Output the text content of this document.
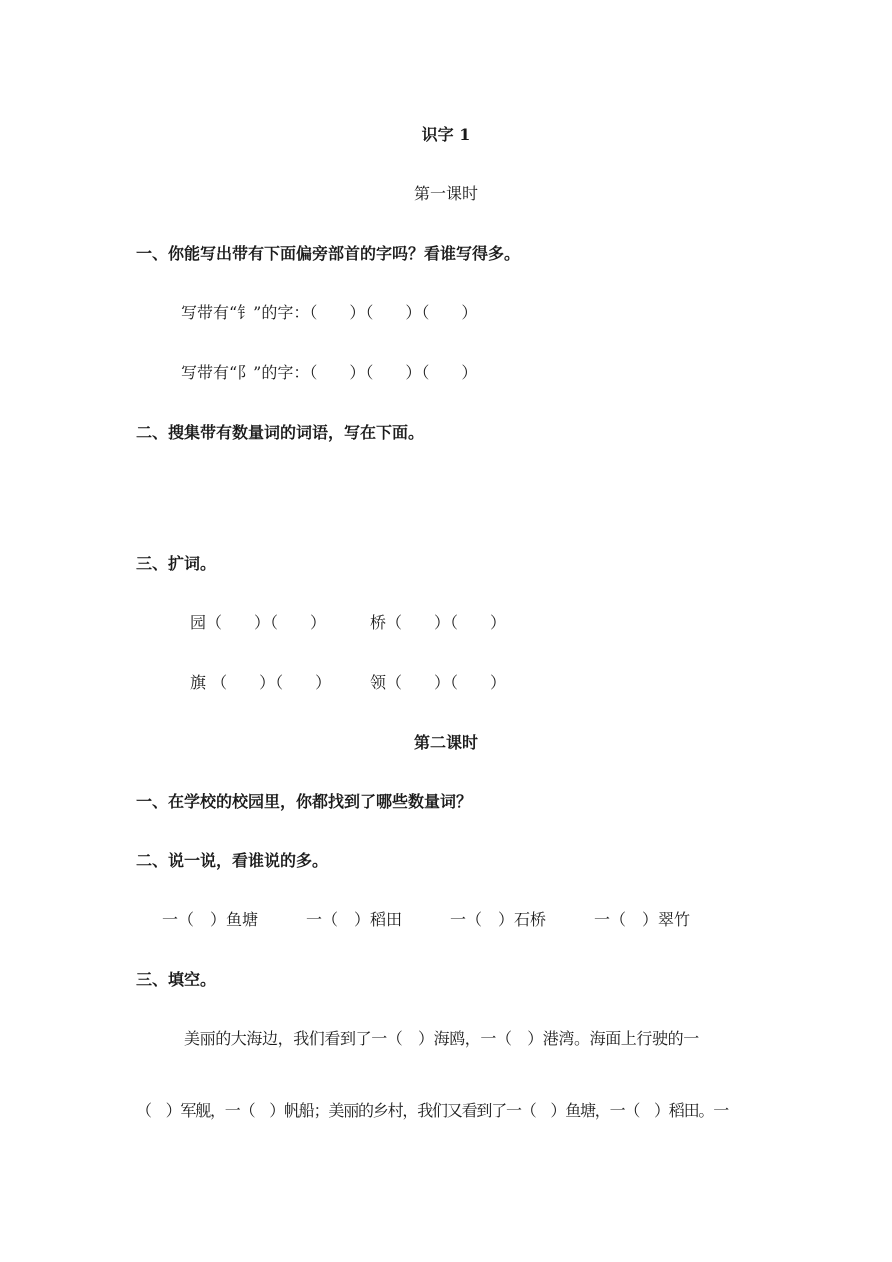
识字 1
第一课时
一、你能写出带有下面偏旁部首的字吗？看谁写得多。
写带有“钅”的字：（　　）（　　）（　　）
写带有“阝”的字：（　　）（　　）（　　）
二、搜集带有数量词的词语，写在下面。
三、扩词。
园（　　）（　　）	桥（　　）（　　）
旗 （　　）（　　） 领（　　）（　　）
第二课时
一、在学校的校园里，你都找到了哪些数量词？
二、说一说，看谁说的多。
一（　）鱼塘	一（　）稻田	一（　）石桥	一（　）翠竹
三、填空。
美丽的大海边，我们看到了一（　）海鸥，一（　）港湾。海面上行驶的一
（　）军舰，一（　）帆船；美丽的乡村，我们又看到了一（　）鱼塘，一（　）稻田。一
